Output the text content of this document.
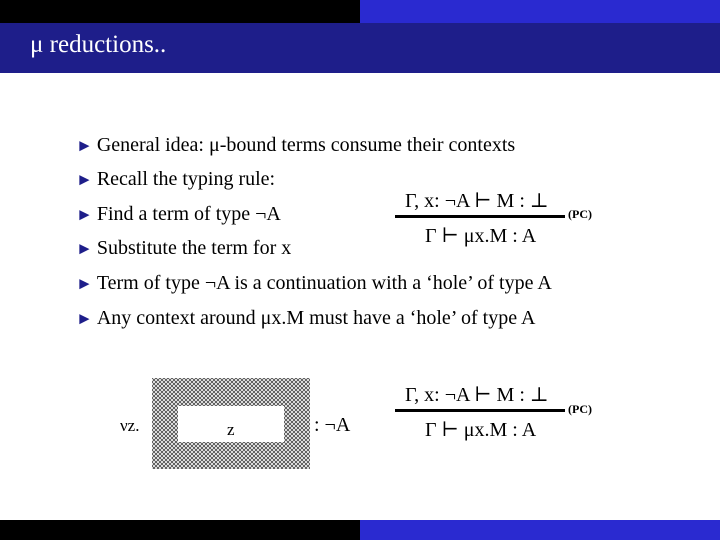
μ reductions..
► General idea: μ-bound terms consume their contexts
► Recall the typing rule:
► Find a term of type ¬A
► Substitute the term for x
► Term of type ¬A is a continuation with a ‘hole’ of type A
► Any context around μx.M must have a ‘hole’ of type A
Γ, x: ¬A ⊢ M : ⊥
(PC)
Γ ⊢ μx.M : A
νz.	z	: ¬A
Γ, x: ¬A ⊢ M : ⊥
(PC)
Γ ⊢ μx.M : A
